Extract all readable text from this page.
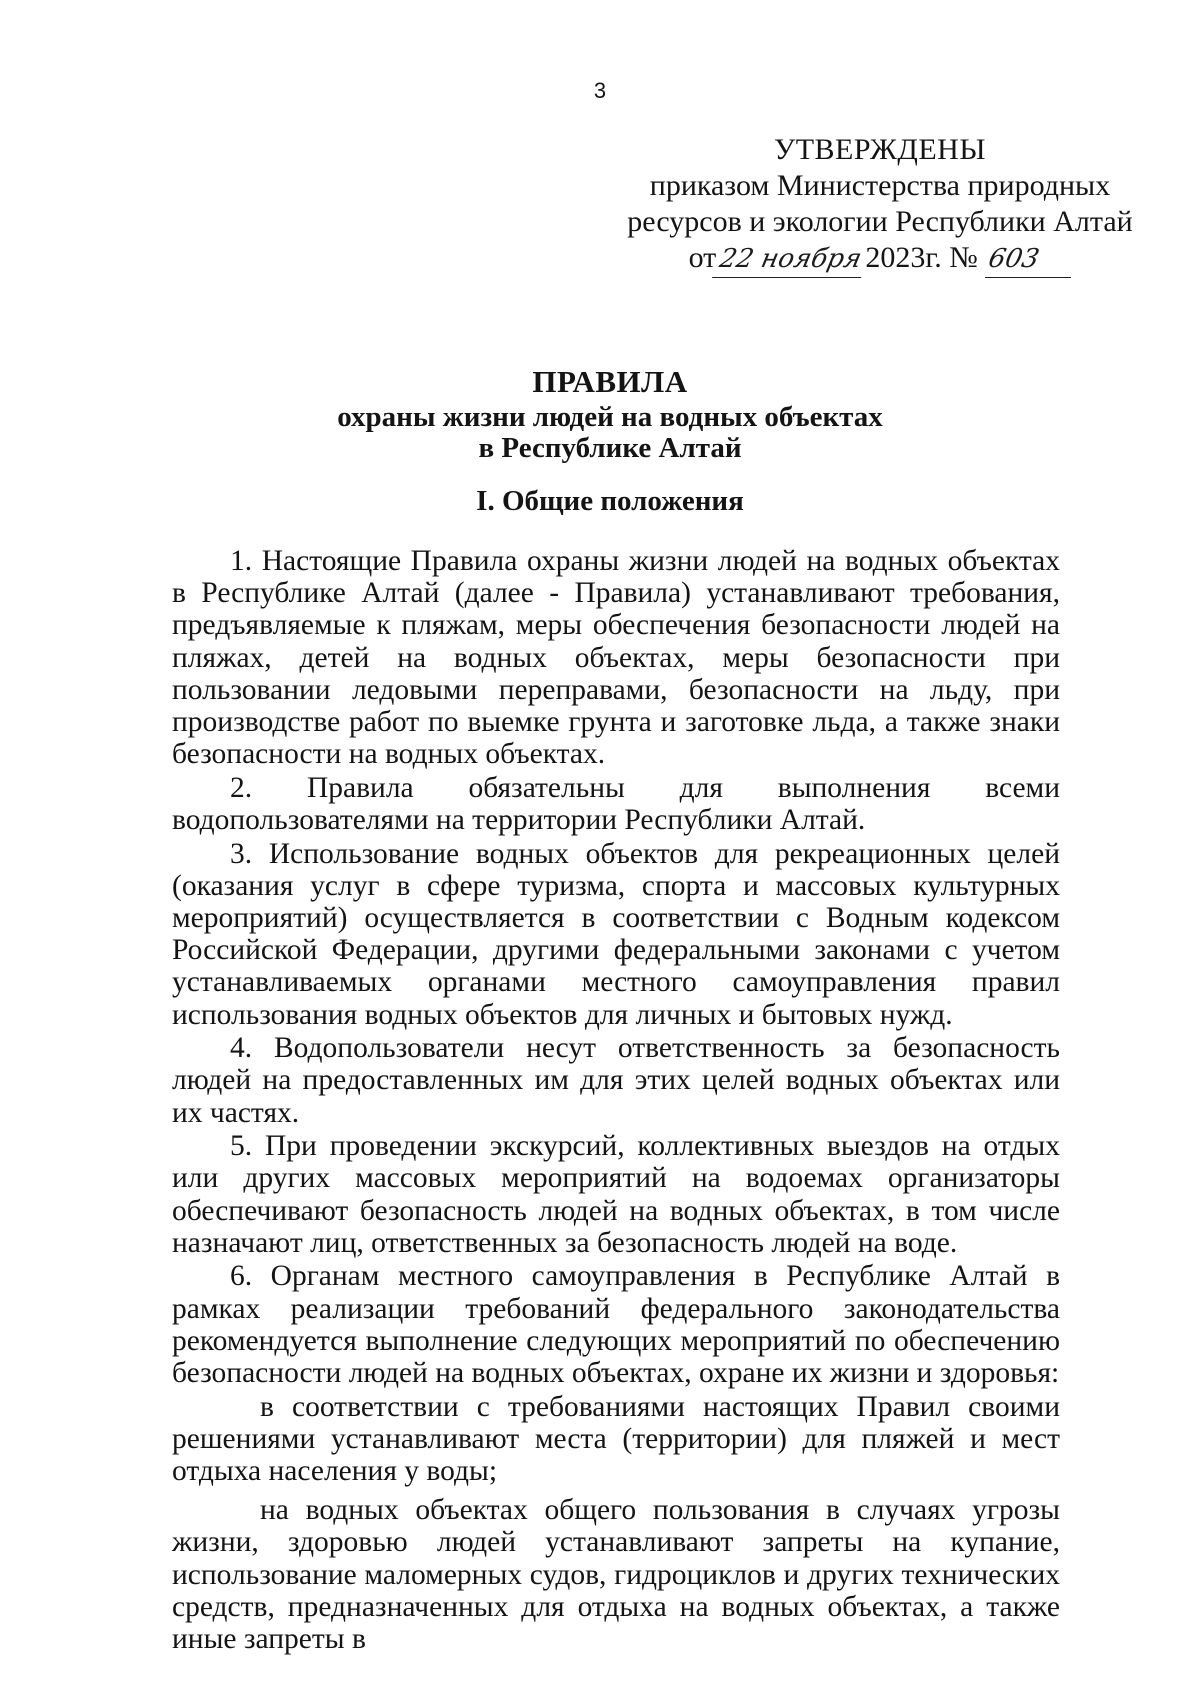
3
УТВЕРЖДЕНЫ
приказом Министерства природных
ресурсов и экологии Республики Алтай
от22 ноября2023г. № 603
ПРАВИЛА
охраны жизни людей на водных объектах
в Республике Алтай
I. Общие положения

1. Настоящие Правила охраны жизни людей на водных объектах в Республике Алтай (далее - Правила) устанавливают требования, предъявляемые к пляжам, меры обеспечения безопасности людей на пляжах, детей на водных объектах, меры безопасности при пользовании ледовыми переправами, безопасности на льду, при производстве работ по выемке грунта и заготовке льда, а также знаки безопасности на водных объектах.

2. Правила обязательны для выполнения всеми водопользователями на территории Республики Алтай.

3. Использование водных объектов для рекреационных целей (оказания услуг в сфере туризма, спорта и массовых культурных мероприятий) осуществляется в соответствии с Водным кодексом Российской Федерации, другими федеральными законами с учетом устанавливаемых органами местного самоуправления правил использования водных объектов для личных и бытовых нужд.

4. Водопользователи несут ответственность за безопасность людей на предоставленных им для этих целей водных объектах или их частях.

5. При проведении экскурсий, коллективных выездов на отдых или других массовых мероприятий на водоемах организаторы обеспечивают безопасность людей на водных объектах, в том числе назначают лиц, ответственных за безопасность людей на воде.

6. Органам местного самоуправления в Республике Алтай в рамках реализации требований федерального законодательства рекомендуется выполнение следующих мероприятий по обеспечению безопасности людей на водных объектах, охране их жизни и здоровья:

в соответствии с требованиями настоящих Правил своими решениями устанавливают места (территории) для пляжей и мест отдыха населения у воды;

на водных объектах общего пользования в случаях угрозы жизни, здоровью людей устанавливают запреты на купание, использование маломерных судов, гидроциклов и других технических средств, предназначенных для отдыха на водных объектах, а также иные запреты в
